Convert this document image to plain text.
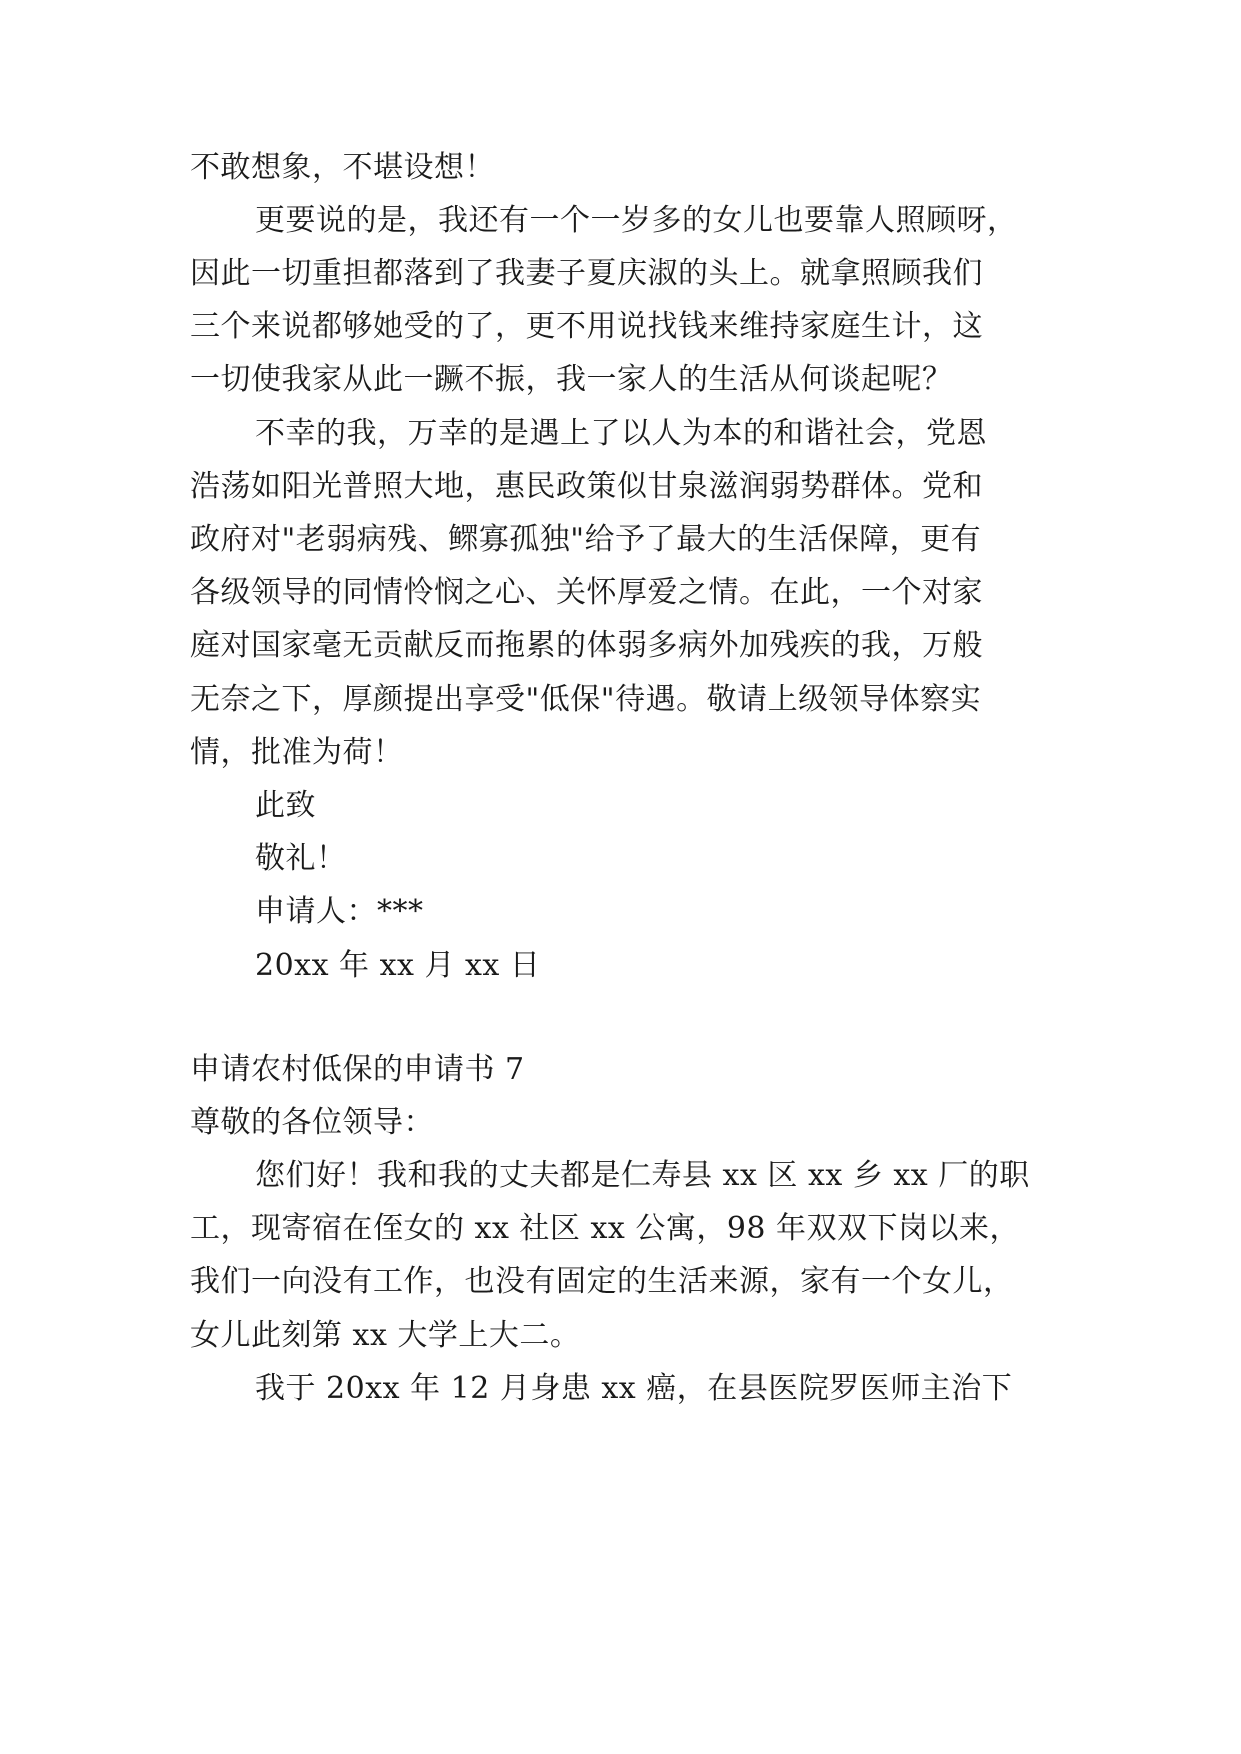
不敢想象，不堪设想！
更要说的是，我还有一个一岁多的女儿也要靠人照顾呀，
因此一切重担都落到了我妻子夏庆淑的头上。就拿照顾我们
三个来说都够她受的了，更不用说找钱来维持家庭生计，这
一切使我家从此一蹶不振，我一家人的生活从何谈起呢？
不幸的我，万幸的是遇上了以人为本的和谐社会，党恩
浩荡如阳光普照大地，惠民政策似甘泉滋润弱势群体。党和
政府对"老弱病残、鳏寡孤独"给予了最大的生活保障，更有
各级领导的同情怜悯之心、关怀厚爱之情。在此，一个对家
庭对国家毫无贡献反而拖累的体弱多病外加残疾的我，万般
无奈之下，厚颜提出享受"低保"待遇。敬请上级领导体察实
情，批准为荷！
此致
敬礼！
申请人：***
20xx 年 xx 月 xx 日
申请农村低保的申请书 7
尊敬的各位领导：
您们好！我和我的丈夫都是仁寿县 xx 区 xx 乡 xx 厂的职
工，现寄宿在侄女的 xx 社区 xx 公寓，98 年双双下岗以来，
我们一向没有工作，也没有固定的生活来源，家有一个女儿，
女儿此刻第 xx 大学上大二。
我于 20xx 年 12 月身患 xx 癌，在县医院罗医师主治下
